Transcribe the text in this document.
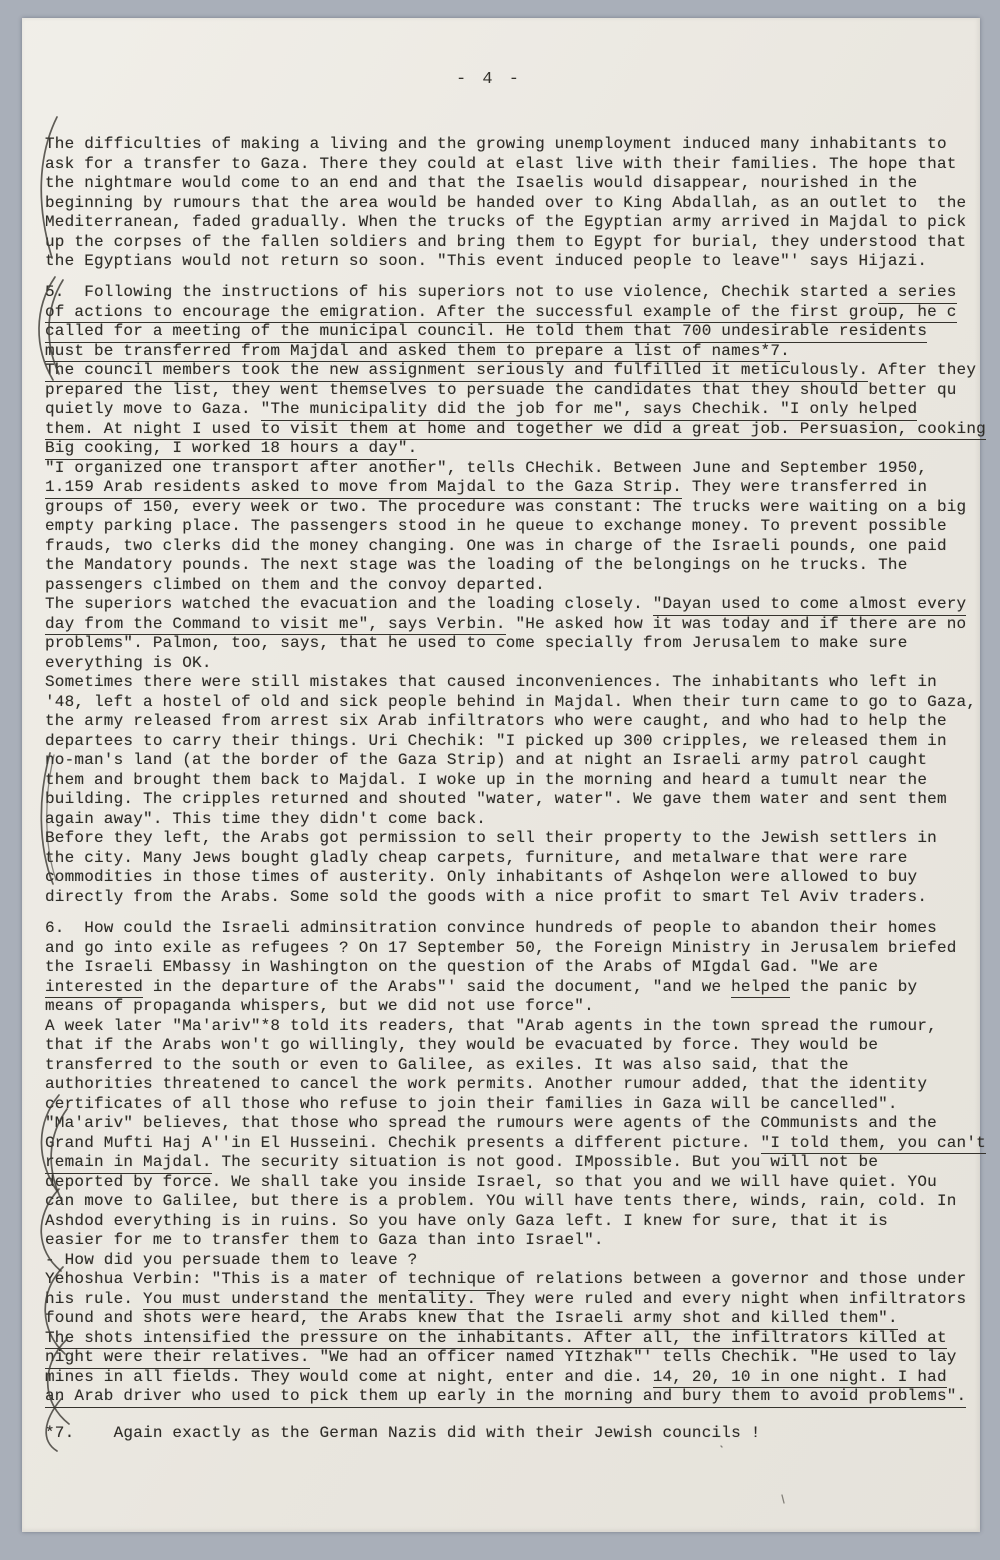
- 4 -
The difficulties of making a living and the growing unemployment induced many inhabitants to
ask for a transfer to Gaza. There they could at elast live with their families. The hope that
the nightmare would come to an end and that the Isaelis would disappear, nourished in the
beginning by rumours that the area would be handed over to King Abdallah, as an outlet to  the
Mediterranean, faded gradually. When the trucks of the Egyptian army arrived in Majdal to pick
up the corpses of the fallen soldiers and bring them to Egypt for burial, they understood that
the Egyptians would not return so soon. "This event induced people to leave"' says Hijazi.
5.  Following the instructions of his superiors not to use violence, Chechik started a series
of actions to encourage the emigration. After the successful example of the first group, he c
called for a meeting of the municipal council. He told them that 700 undesirable residents
must be transferred from Majdal and asked them to prepare a list of names*7.
The council members took the new assignment seriously and fulfilled it meticulously. After they
prepared the list, they went themselves to persuade the candidates that they should better qu
quietly move to Gaza. "The municipality did the job for me", says Chechik. "I only helped
them. At night I used to visit them at home and together we did a great job. Persuasion, cooking
Big cooking, I worked 18 hours a day".
"I organized one transport after another", tells CHechik. Between June and September 1950,
1.159 Arab residents asked to move from Majdal to the Gaza Strip. They were transferred in
groups of 150, every week or two. The procedure was constant: The trucks were waiting on a big
empty parking place. The passengers stood in he queue to exchange money. To prevent possible
frauds, two clerks did the money changing. One was in charge of the Israeli pounds, one paid
the Mandatory pounds. The next stage was the loading of the belongings on he trucks. The
passengers climbed on them and the convoy departed.
The superiors watched the evacuation and the loading closely. "Dayan used to come almost every
day from the Command to visit me", says Verbin. "He asked how it was today and if there are no
problems". Palmon, too, says, that he used to come specially from Jerusalem to make sure
everything is OK.
Sometimes there were still mistakes that caused inconveniences. The inhabitants who left in
'48, left a hostel of old and sick people behind in Majdal. When their turn came to go to Gaza,
the army released from arrest six Arab infiltrators who were caught, and who had to help the
departees to carry their things. Uri Chechik: "I picked up 300 cripples, we released them in
no-man's land (at the border of the Gaza Strip) and at night an Israeli army patrol caught
them and brought them back to Majdal. I woke up in the morning and heard a tumult near the
building. The cripples returned and shouted "water, water". We gave them water and sent them
again away". This time they didn't come back.
Before they left, the Arabs got permission to sell their property to the Jewish settlers in
the city. Many Jews bought gladly cheap carpets, furniture, and metalware that were rare
commodities in those times of austerity. Only inhabitants of Ashqelon were allowed to buy
directly from the Arabs. Some sold the goods with a nice profit to smart Tel Aviv traders.
6.  How could the Israeli adminsitration convince hundreds of people to abandon their homes
and go into exile as refugees ? On 17 September 50, the Foreign Ministry in Jerusalem briefed
the Israeli EMbassy in Washington on the question of the Arabs of MIgdal Gad. "We are
interested in the departure of the Arabs"' said the document, "and we helped the panic by
means of propaganda whispers, but we did not use force".
A week later "Ma'ariv"*8 told its readers, that "Arab agents in the town spread the rumour,
that if the Arabs won't go willingly, they would be evacuated by force. They would be
transferred to the south or even to Galilee, as exiles. It was also said, that the
authorities threatened to cancel the work permits. Another rumour added, that the identity
certificates of all those who refuse to join their families in Gaza will be cancelled".
"Ma'ariv" believes, that those who spread the rumours were agents of the COmmunists and the
Grand Mufti Haj A''in El Husseini. Chechik presents a different picture. "I told them, you can't
remain in Majdal. The security situation is not good. IMpossible. But you will not be
deported by force. We shall take you inside Israel, so that you and we will have quiet. YOu
can move to Galilee, but there is a problem. YOu will have tents there, winds, rain, cold. In
Ashdod everything is in ruins. So you have only Gaza left. I knew for sure, that it is
easier for me to transfer them to Gaza than into Israel".
- How did you persuade them to leave ?
Yehoshua Verbin: "This is a mater of technique of relations between a governor and those under
his rule. You must understand the mentality. They were ruled and every night when infiltrators
found and shots were heard, the Arabs knew that the Israeli army shot and killed them".
The shots intensified the pressure on the inhabitants. After all, the infiltrators killed at
night were their relatives. "We had an officer named YItzhak"' tells Chechik. "He used to lay
mines in all fields. They would come at night, enter and die. 14, 20, 10 in one night. I had
an Arab driver who used to pick them up early in the morning and bury them to avoid problems".
*7.    Again exactly as the German Nazis did with their Jewish councils !
